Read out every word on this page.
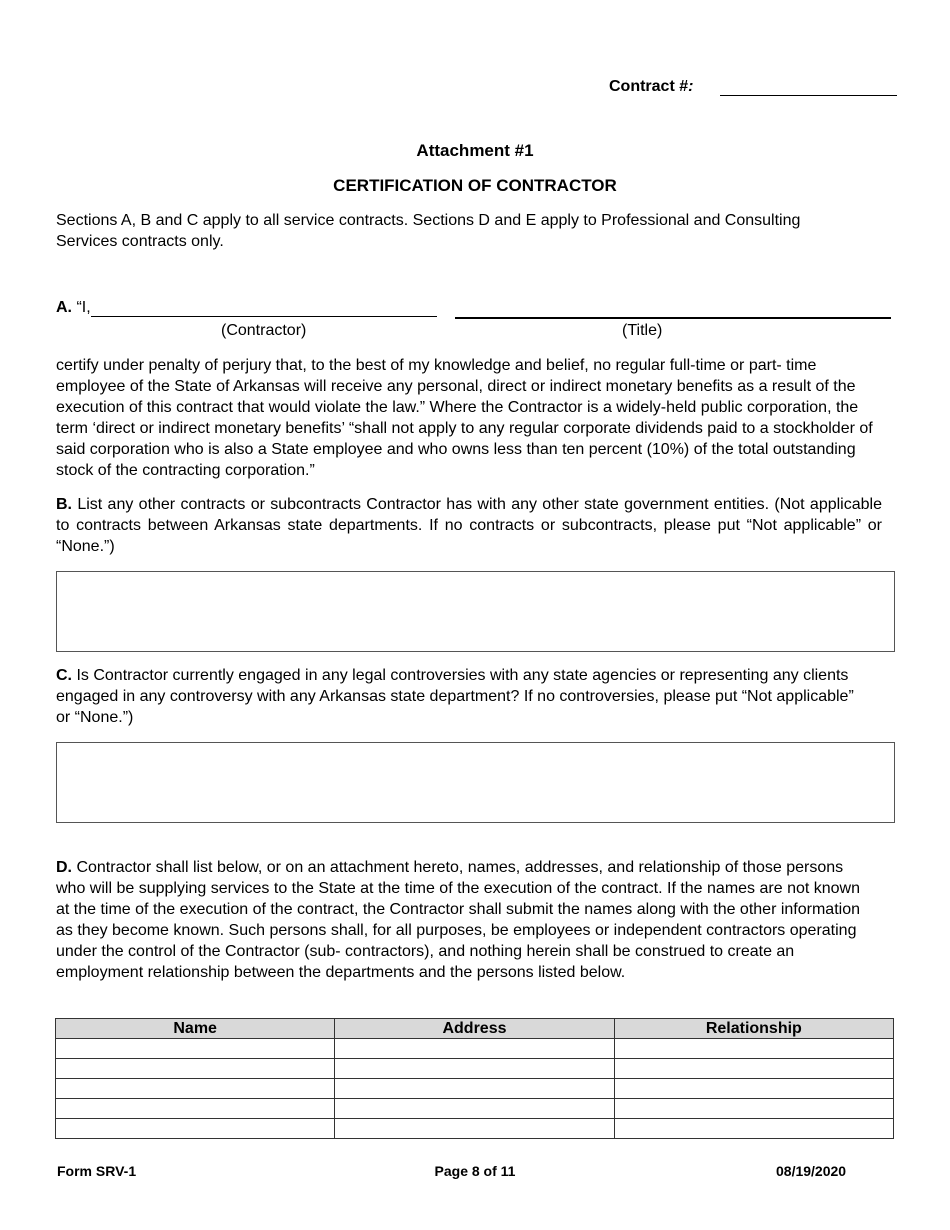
Contract #:
Attachment #1
CERTIFICATION OF CONTRACTOR

Sections A, B and C apply to all service contracts. Sections D and E apply to Professional and Consulting Services contracts only.

A. “I,
(Contractor)	(Title)

certify under penalty of perjury that, to the best of my knowledge and belief, no regular full-time or part- time employee of the State of Arkansas will receive any personal, direct or indirect monetary benefits as a result of the execution of this contract that would violate the law.” Where the Contractor is a widely-held public corporation, the term ‘direct or indirect monetary benefits’ “shall not apply to any regular corporate dividends paid to a stockholder of said corporation who is also a State employee and who owns less than ten percent (10%) of the total outstanding stock of the contracting corporation.”

B. List any other contracts or subcontracts Contractor has with any other state government entities. (Not applicable to contracts between Arkansas state departments. If no contracts or subcontracts, please put “Not applicable” or “None.”)

C. Is Contractor currently engaged in any legal controversies with any state agencies or representing any clients engaged in any controversy with any Arkansas state department? If no controversies, please put “Not applicable” or “None.”)

D. Contractor shall list below, or on an attachment hereto, names, addresses, and relationship of those persons who will be supplying services to the State at the time of the execution of the contract. If the names are not known at the time of the execution of the contract, the Contractor shall submit the names along with the other information as they become known. Such persons shall, for all purposes, be employees or independent contractors operating under the control of the Contractor (sub- contractors), and nothing herein shall be construed to create an employment relationship between the departments and the persons listed below.

Name	Address	Relationship

Form SRV-1	Page 8 of 11	08/19/2020
